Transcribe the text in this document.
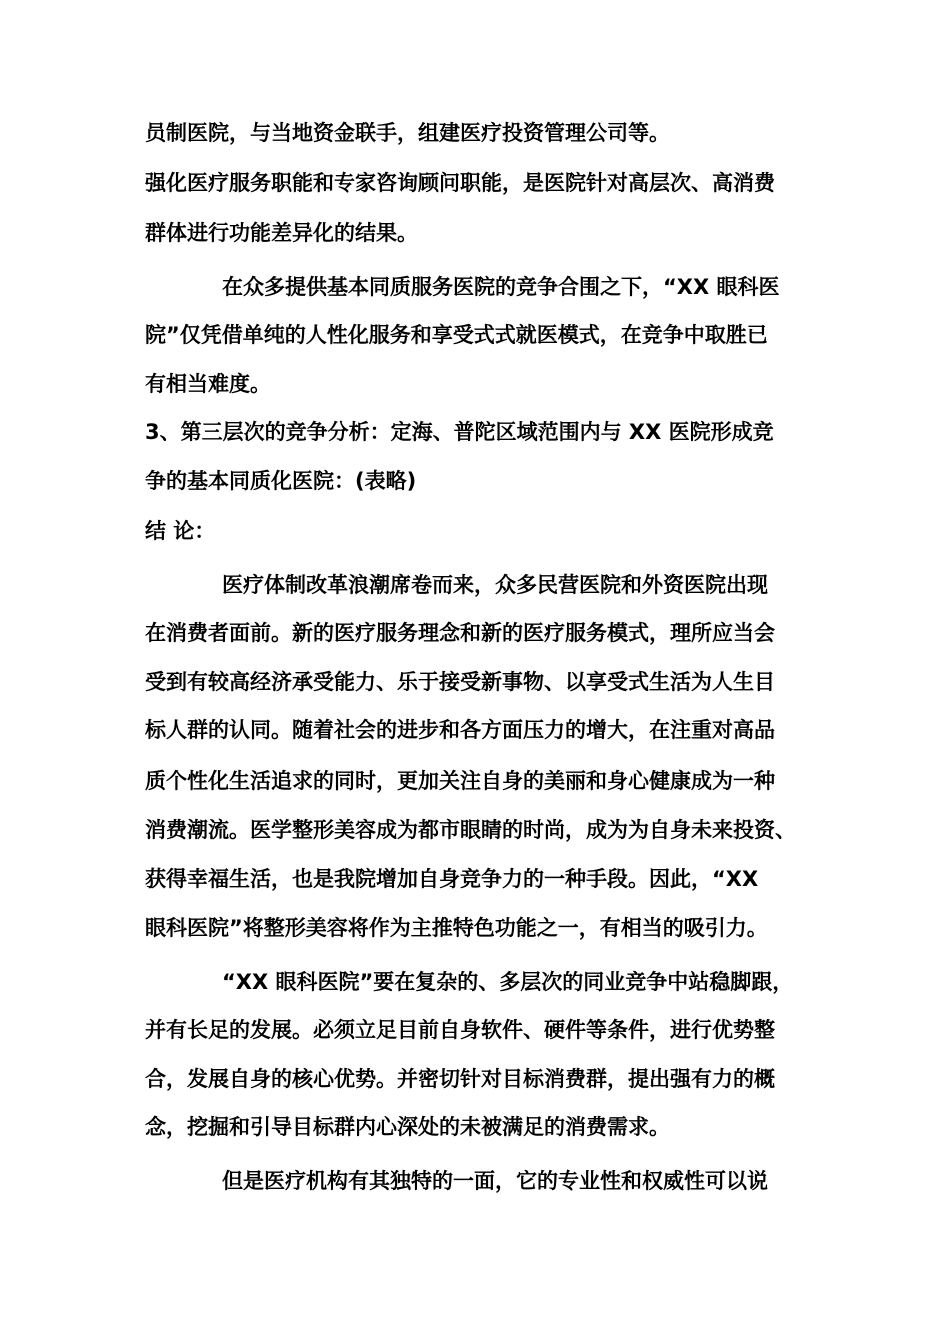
员制医院，与当地资金联手，组建医疗投资管理公司等。

强化医疗服务职能和专家咨询顾问职能，是医院针对高层次、高消费

群体进行功能差异化的结果。

在众多提供基本同质服务医院的竞争合围之下，“XX 眼科医

院”仅凭借单纯的人性化服务和享受式式就医模式，在竞争中取胜已

有相当难度。

3、第三层次的竞争分析：定海、普陀区域范围内与 XX 医院形成竞

争的基本同质化医院：(表略)

结 论：

医疗体制改革浪潮席卷而来，众多民营医院和外资医院出现

在消费者面前。新的医疗服务理念和新的医疗服务模式，理所应当会

受到有较高经济承受能力、乐于接受新事物、以享受式生活为人生目

标人群的认同。随着社会的进步和各方面压力的增大，在注重对高品

质个性化生活追求的同时，更加关注自身的美丽和身心健康成为一种

消费潮流。医学整形美容成为都市眼睛的时尚，成为为自身未来投资、

获得幸福生活，也是我院增加自身竞争力的一种手段。因此，“XX

眼科医院”将整形美容将作为主推特色功能之一，有相当的吸引力。

“XX 眼科医院”要在复杂的、多层次的同业竞争中站稳脚跟，

并有长足的发展。必须立足目前自身软件、硬件等条件，进行优势整

合，发展自身的核心优势。并密切针对目标消费群，提出强有力的概

念，挖掘和引导目标群内心深处的未被满足的消费需求。

但是医疗机构有其独特的一面，它的专业性和权威性可以说
